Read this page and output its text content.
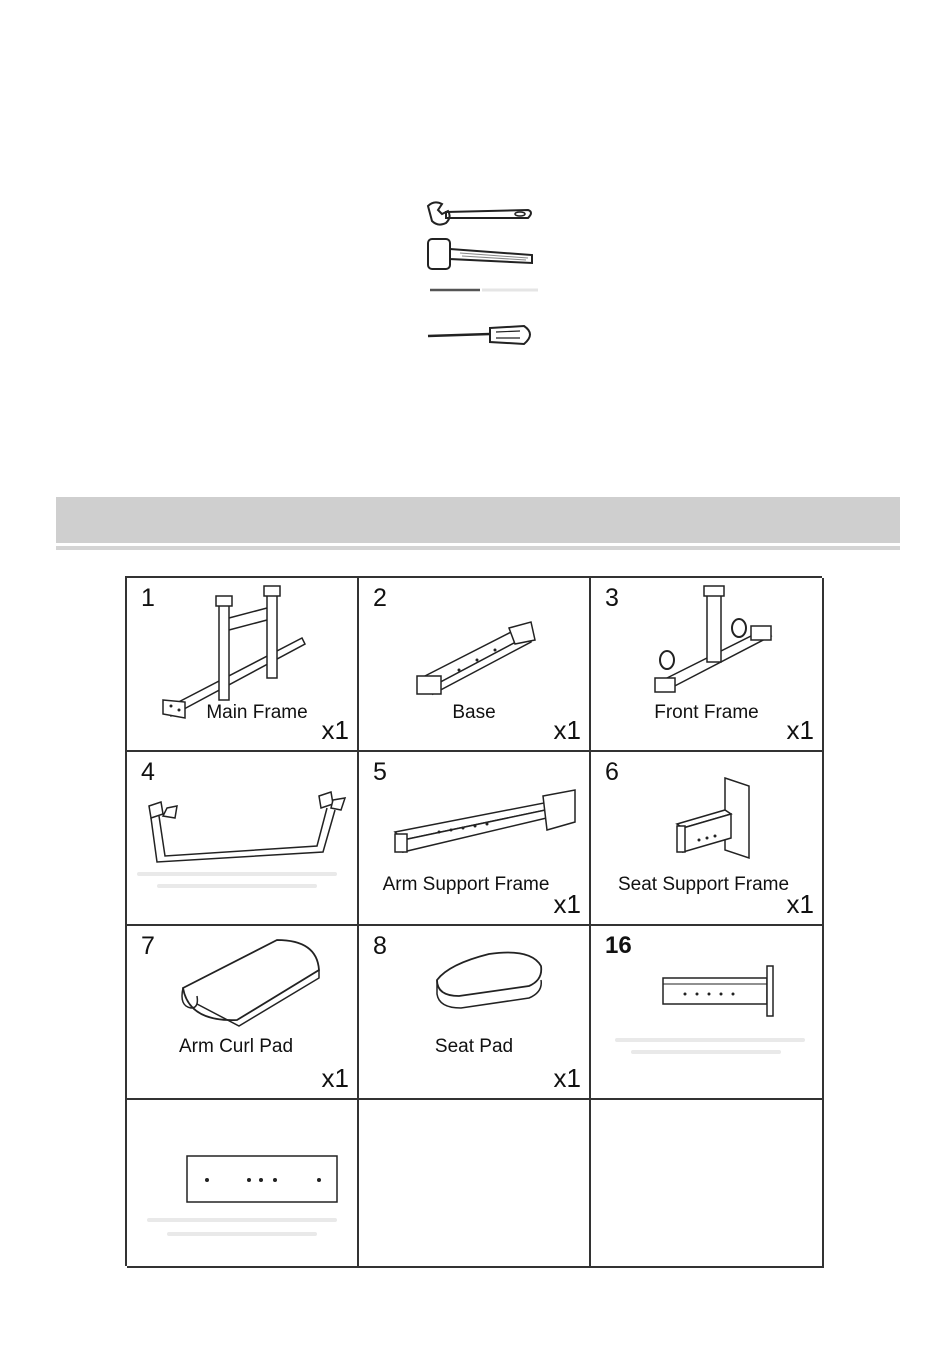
1
Main Frame
x1
2
Base
x1
3
Front Frame
x1
4	5
Arm Support Frame
x1
6
Seat Support Frame
x1
7
Arm Curl Pad
x1
8
Seat Pad
x1
16
